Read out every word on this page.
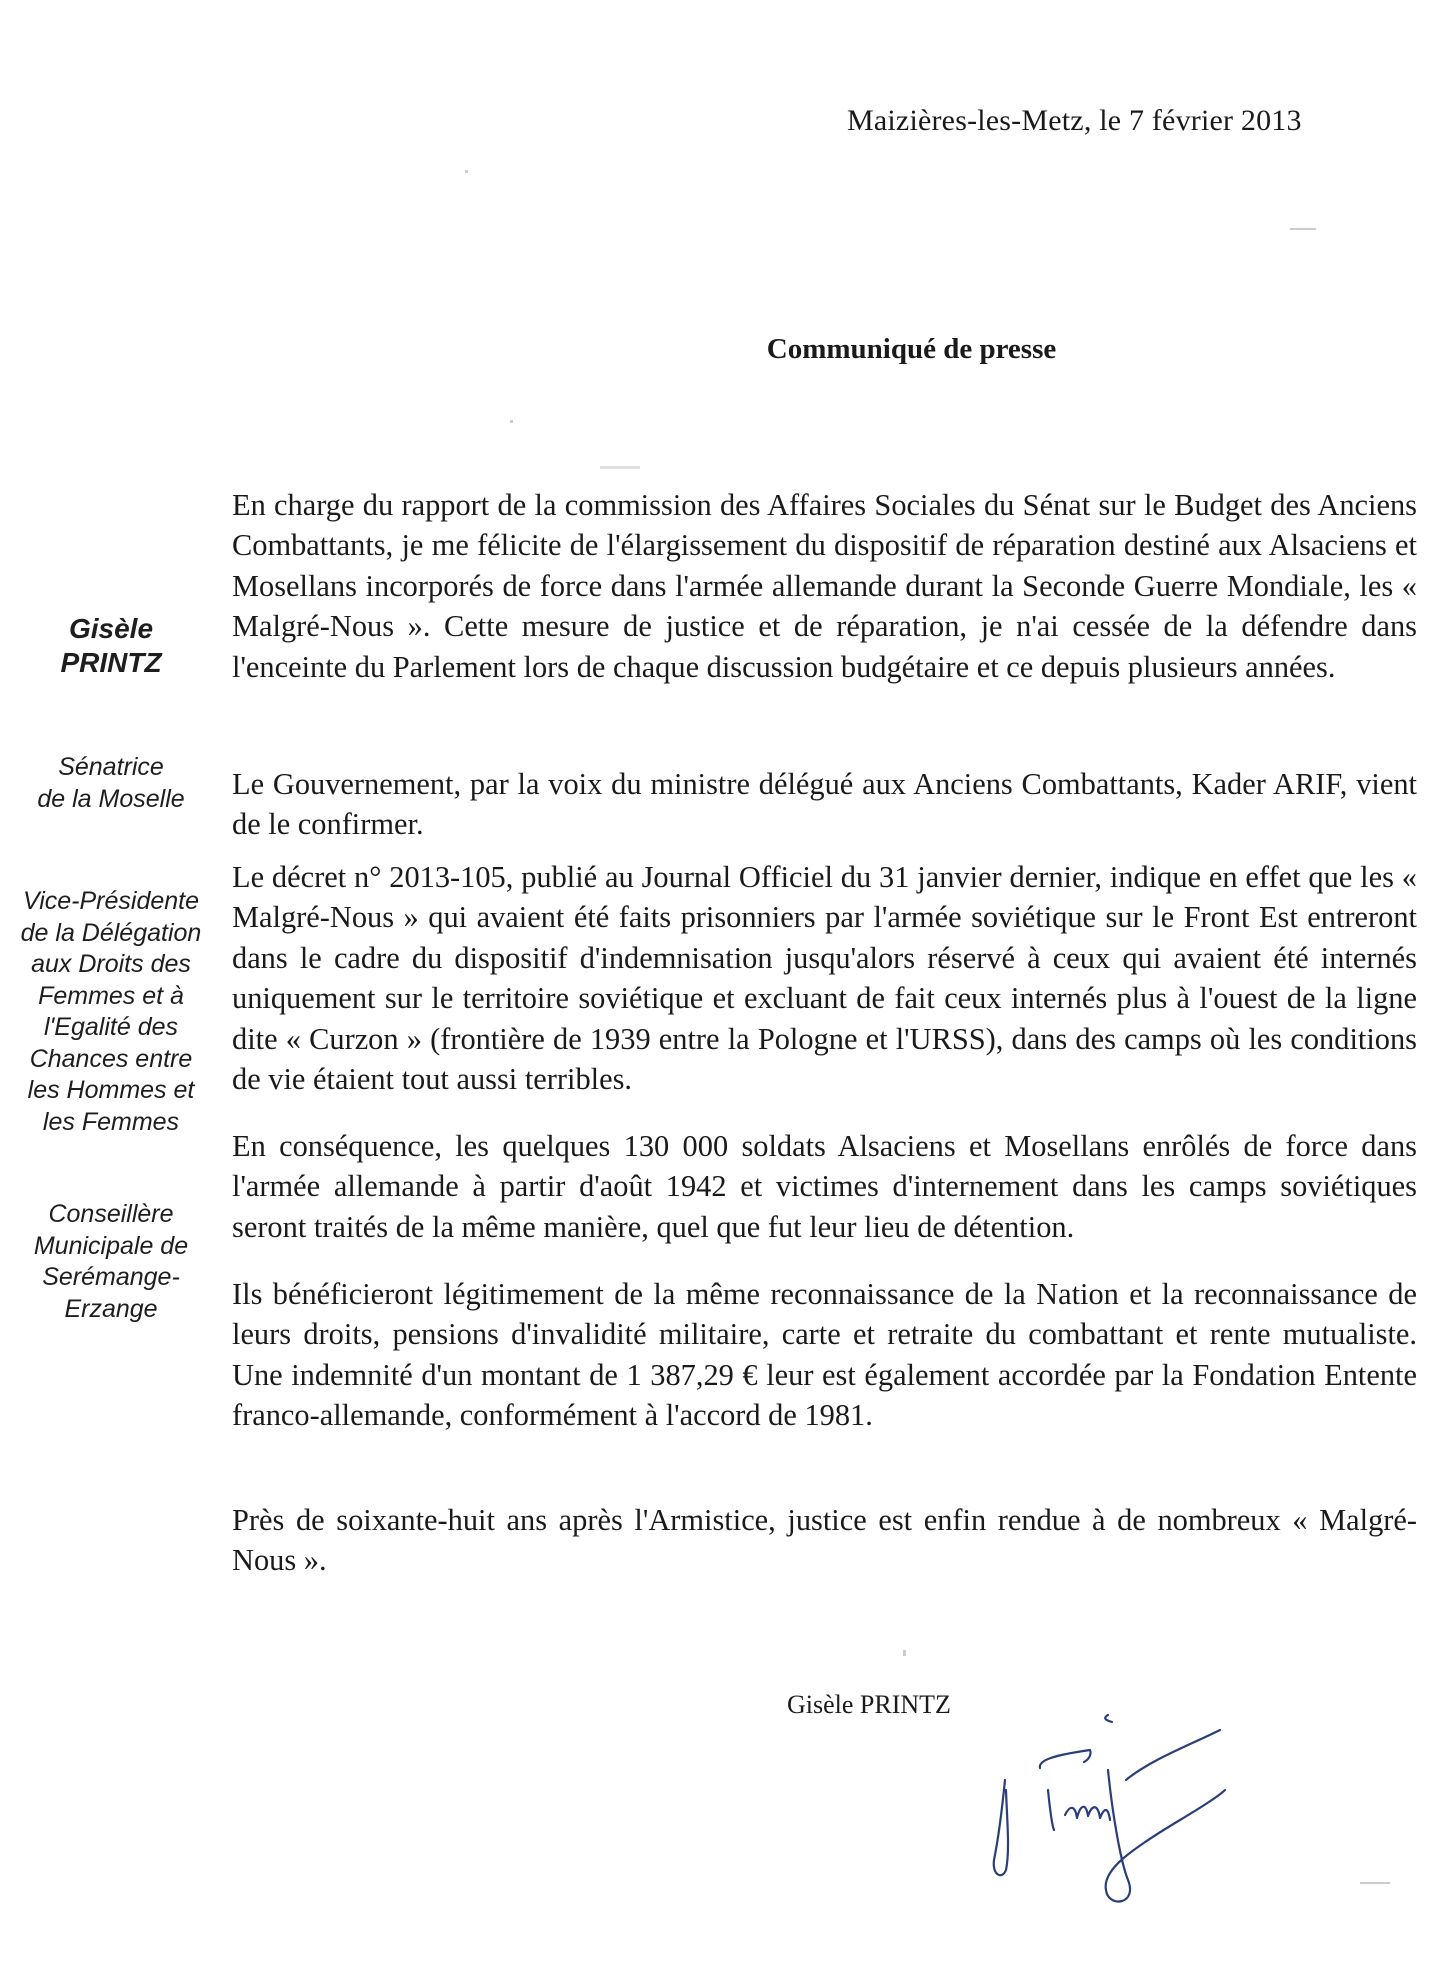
Maizières-les-Metz, le 7 février 2013
Communiqué de presse
Gisèle
PRINTZ
Sénatrice
de la Moselle
Vice-Présidente
de la Délégation
aux Droits des
Femmes et à
l'Egalité des
Chances entre
les Hommes et
les Femmes
Conseillère
Municipale de
Serémange-
Erzange

En charge du rapport de la commission des Affaires Sociales du Sénat sur le Budget des Anciens Combattants, je me félicite de l'élargissement du dispositif de réparation destiné aux Alsaciens et Mosellans incorporés de force dans l'armée allemande durant la Seconde Guerre Mondiale, les « Malgré-Nous ». Cette mesure de justice et de réparation, je n'ai cessée de la défendre dans l'enceinte du Parlement lors de chaque discussion budgétaire et ce depuis plusieurs années.

Le Gouvernement, par la voix du ministre délégué aux Anciens Combattants, Kader ARIF, vient de le confirmer.

Le décret n° 2013-105, publié au Journal Officiel du 31 janvier dernier, indique en effet que les « Malgré-Nous » qui avaient été faits prisonniers par l'armée soviétique sur le Front Est entreront dans le cadre du dispositif d'indemnisation jusqu'alors réservé à ceux qui avaient été internés uniquement sur le territoire soviétique et excluant de fait ceux internés plus à l'ouest de la ligne dite « Curzon » (frontière de 1939 entre la Pologne et l'URSS), dans des camps où les conditions de vie étaient tout aussi terribles.

En conséquence, les quelques 130 000 soldats Alsaciens et Mosellans enrôlés de force dans l'armée allemande à partir d'août 1942 et victimes d'internement dans les camps soviétiques seront traités de la même manière, quel que fut leur lieu de détention.

Ils bénéficieront légitimement de la même reconnaissance de la Nation et la reconnaissance de leurs droits, pensions d'invalidité militaire, carte et retraite du combattant et rente mutualiste. Une indemnité d'un montant de 1 387,29 € leur est également accordée par la Fondation Entente franco-allemande, conformément à l'accord de 1981.

Près de soixante-huit ans après l'Armistice, justice est enfin rendue à de nombreux « Malgré-Nous ».

Gisèle PRINTZ
